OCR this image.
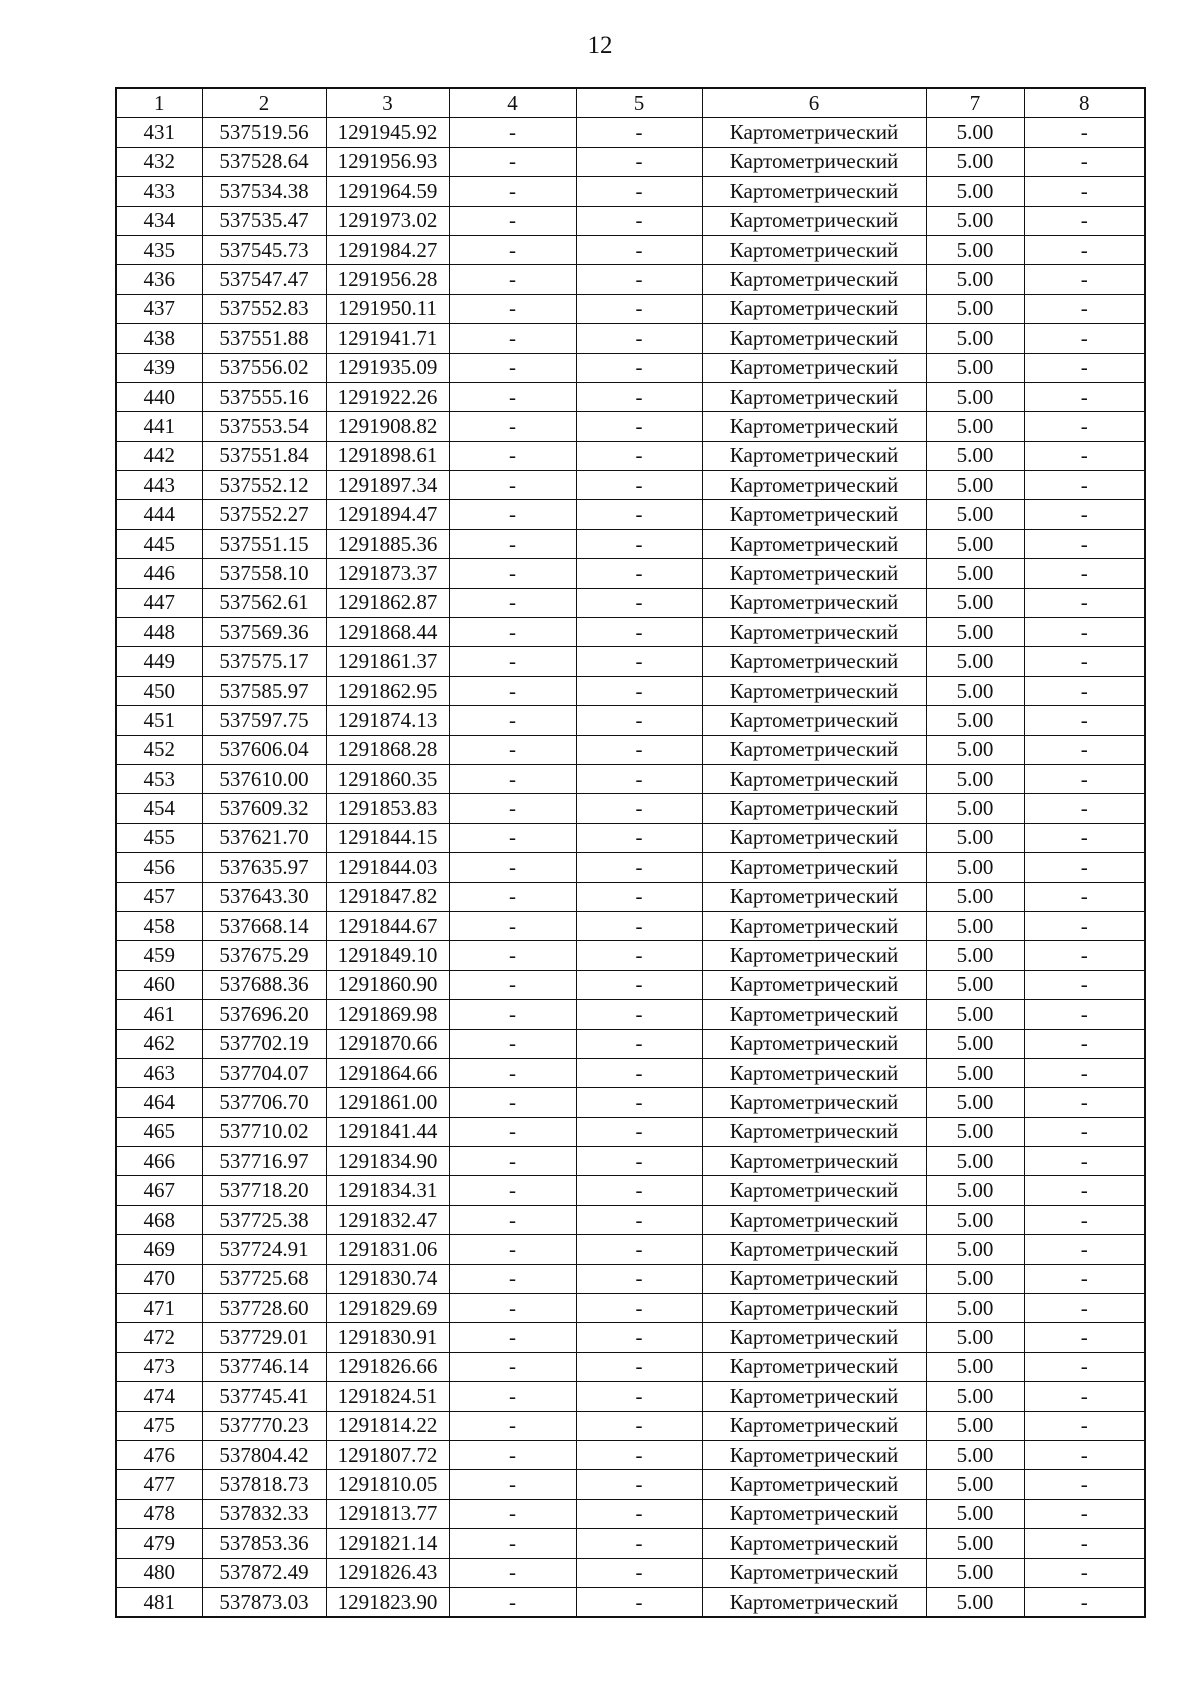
12
1	2	3	4	5	6	7	8
431	537519.56	1291945.92	-	-	Картометрический	5.00	-
432	537528.64	1291956.93	-	-	Картометрический	5.00	-
433	537534.38	1291964.59	-	-	Картометрический	5.00	-
434	537535.47	1291973.02	-	-	Картометрический	5.00	-
435	537545.73	1291984.27	-	-	Картометрический	5.00	-
436	537547.47	1291956.28	-	-	Картометрический	5.00	-
437	537552.83	1291950.11	-	-	Картометрический	5.00	-
438	537551.88	1291941.71	-	-	Картометрический	5.00	-
439	537556.02	1291935.09	-	-	Картометрический	5.00	-
440	537555.16	1291922.26	-	-	Картометрический	5.00	-
441	537553.54	1291908.82	-	-	Картометрический	5.00	-
442	537551.84	1291898.61	-	-	Картометрический	5.00	-
443	537552.12	1291897.34	-	-	Картометрический	5.00	-
444	537552.27	1291894.47	-	-	Картометрический	5.00	-
445	537551.15	1291885.36	-	-	Картометрический	5.00	-
446	537558.10	1291873.37	-	-	Картометрический	5.00	-
447	537562.61	1291862.87	-	-	Картометрический	5.00	-
448	537569.36	1291868.44	-	-	Картометрический	5.00	-
449	537575.17	1291861.37	-	-	Картометрический	5.00	-
450	537585.97	1291862.95	-	-	Картометрический	5.00	-
451	537597.75	1291874.13	-	-	Картометрический	5.00	-
452	537606.04	1291868.28	-	-	Картометрический	5.00	-
453	537610.00	1291860.35	-	-	Картометрический	5.00	-
454	537609.32	1291853.83	-	-	Картометрический	5.00	-
455	537621.70	1291844.15	-	-	Картометрический	5.00	-
456	537635.97	1291844.03	-	-	Картометрический	5.00	-
457	537643.30	1291847.82	-	-	Картометрический	5.00	-
458	537668.14	1291844.67	-	-	Картометрический	5.00	-
459	537675.29	1291849.10	-	-	Картометрический	5.00	-
460	537688.36	1291860.90	-	-	Картометрический	5.00	-
461	537696.20	1291869.98	-	-	Картометрический	5.00	-
462	537702.19	1291870.66	-	-	Картометрический	5.00	-
463	537704.07	1291864.66	-	-	Картометрический	5.00	-
464	537706.70	1291861.00	-	-	Картометрический	5.00	-
465	537710.02	1291841.44	-	-	Картометрический	5.00	-
466	537716.97	1291834.90	-	-	Картометрический	5.00	-
467	537718.20	1291834.31	-	-	Картометрический	5.00	-
468	537725.38	1291832.47	-	-	Картометрический	5.00	-
469	537724.91	1291831.06	-	-	Картометрический	5.00	-
470	537725.68	1291830.74	-	-	Картометрический	5.00	-
471	537728.60	1291829.69	-	-	Картометрический	5.00	-
472	537729.01	1291830.91	-	-	Картометрический	5.00	-
473	537746.14	1291826.66	-	-	Картометрический	5.00	-
474	537745.41	1291824.51	-	-	Картометрический	5.00	-
475	537770.23	1291814.22	-	-	Картометрический	5.00	-
476	537804.42	1291807.72	-	-	Картометрический	5.00	-
477	537818.73	1291810.05	-	-	Картометрический	5.00	-
478	537832.33	1291813.77	-	-	Картометрический	5.00	-
479	537853.36	1291821.14	-	-	Картометрический	5.00	-
480	537872.49	1291826.43	-	-	Картометрический	5.00	-
481	537873.03	1291823.90	-	-	Картометрический	5.00	-
